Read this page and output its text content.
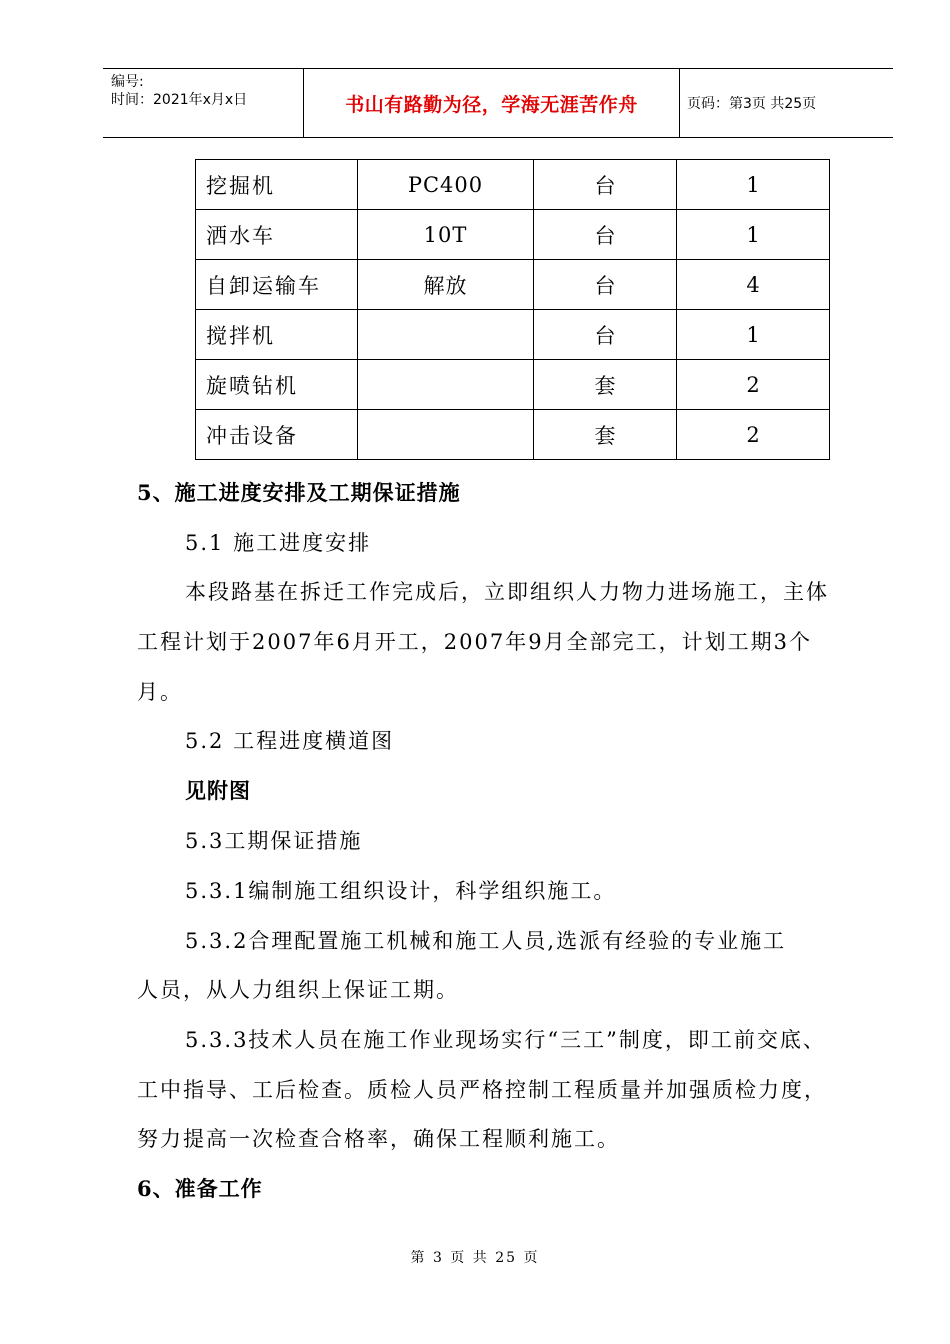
编号:
时间：2021年x月x日	书山有路勤为径，学海无涯苦作舟	页码：第3页 共25页
挖掘机	PC400	台	1
洒水车	10T	台	1
自卸运输车	解放	台	4
搅拌机		台	1
旋喷钻机		套	2
冲击设备		套	2
5、施工进度安排及工期保证措施
5.1 施工进度安排
本段路基在拆迁工作完成后，立即组织人力物力进场施工，主体
工程计划于2007年6月开工，2007年9月全部完工，计划工期3个
月。
5.2 工程进度横道图
见附图
5.3工期保证措施
5.3.1编制施工组织设计，科学组织施工。
5.3.2合理配置施工机械和施工人员,选派有经验的专业施工
人员，从人力组织上保证工期。
5.3.3技术人员在施工作业现场实行“三工”制度，即工前交底、
工中指导、工后检查。质检人员严格控制工程质量并加强质检力度，
努力提高一次检查合格率，确保工程顺利施工。
6、准备工作
第 3 页 共 25 页
